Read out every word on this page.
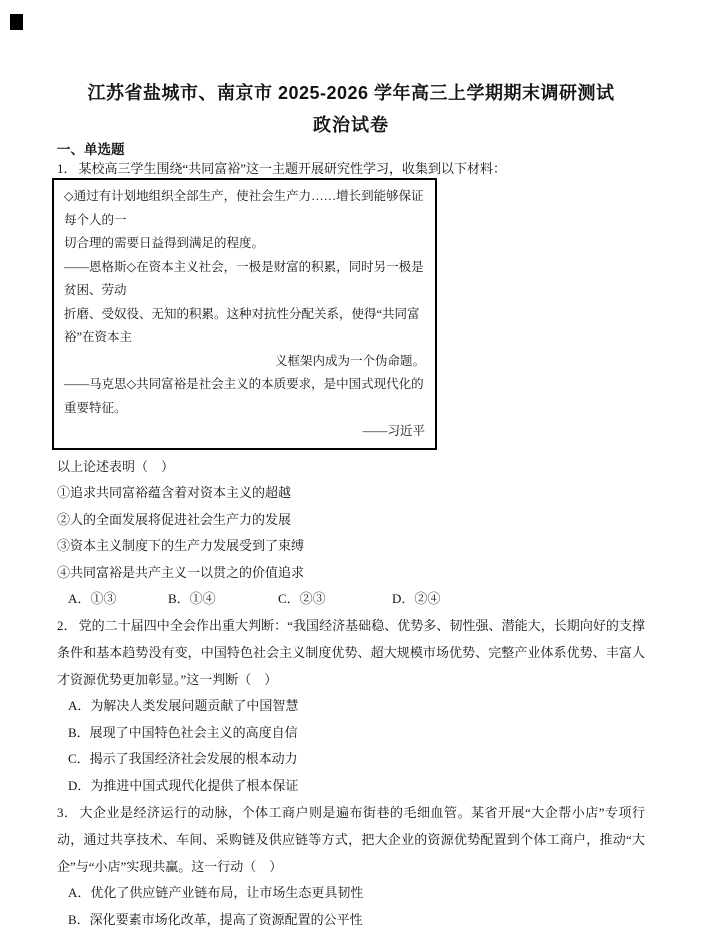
江苏省盐城市、南京市 2025-2026 学年高三上学期期末调研测试
政治试卷
一、单选题
1． 某校高三学生围绕“共同富裕”这一主题开展研究性学习，收集到以下材料：
◇通过有计划地组织全部生产，使社会生产力……增长到能够保证每个人的一
切合理的需要日益得到满足的程度。
——恩格斯◇在资本主义社会，一极是财富的积累，同时另一极是贫困、劳动
折磨、受奴役、无知的积累。这种对抗性分配关系，使得“共同富裕”在资本主
义框架内成为一个伪命题。
——马克思◇共同富裕是社会主义的本质要求，是中国式现代化的重要特征。
——习近平
以上论述表明（　）
①追求共同富裕蕴含着对资本主义的超越
②人的全面发展将促进社会生产力的发展
③资本主义制度下的生产力发展受到了束缚
④共同富裕是共产主义一以贯之的价值追求
A．①③	B．①④	C．②③	D．②④

2． 党的二十届四中全会作出重大判断：“我国经济基础稳、优势多、韧性强、潜能大，长期向好的支撑条件和基本趋势没有变，中国特色社会主义制度优势、超大规模市场优势、完整产业体系优势、丰富人才资源优势更加彰显。”这一判断（　）

A．为解决人类发展问题贡献了中国智慧
B．展现了中国特色社会主义的高度自信
C．揭示了我国经济社会发展的根本动力
D．为推进中国式现代化提供了根本保证

3． 大企业是经济运行的动脉，个体工商户则是遍布街巷的毛细血管。某省开展“大企帮小店”专项行动，通过共享技术、车间、采购链及供应链等方式，把大企业的资源优势配置到个体工商户，推动“大企”与“小店”实现共赢。这一行动（　）

A．优化了供应链产业链布局，让市场生态更具韧性
B．深化要素市场化改革，提高了资源配置的公平性
